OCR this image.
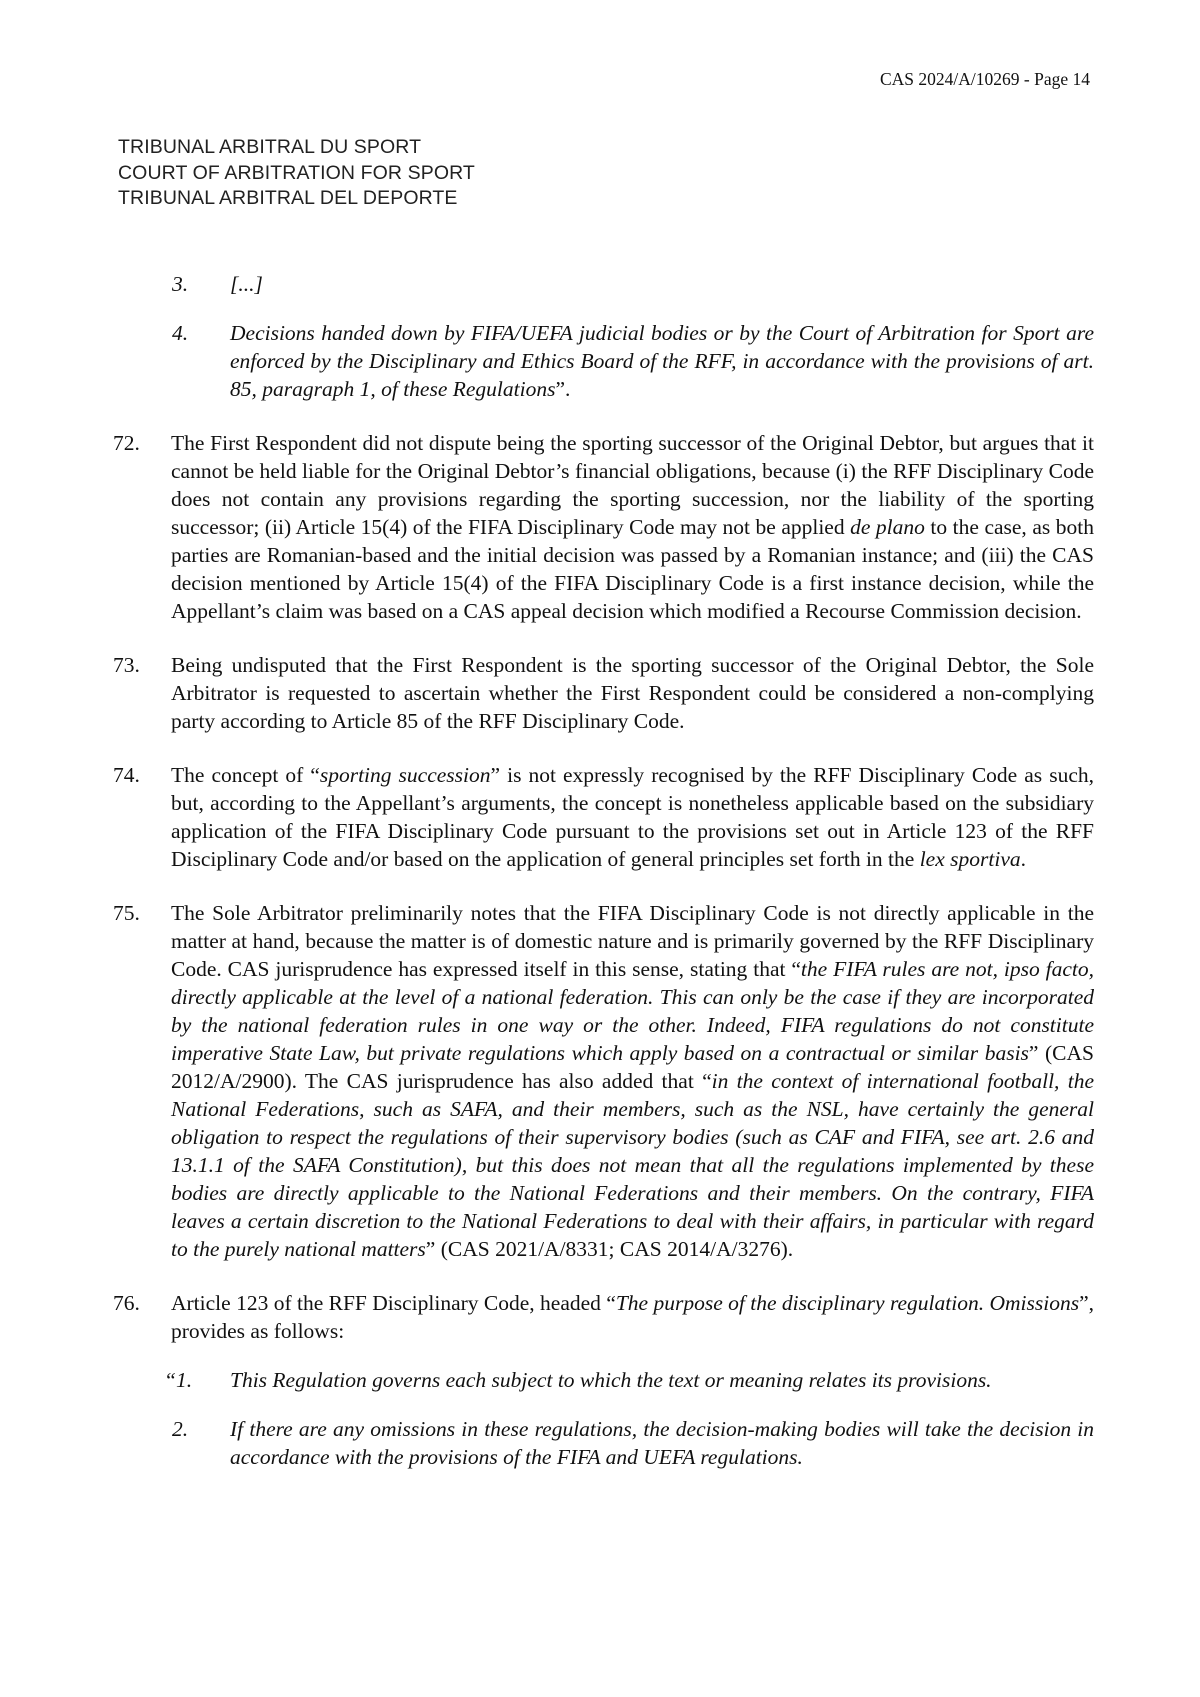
CAS 2024/A/10269 - Page 14
TRIBUNAL ARBITRAL DU SPORT
COURT OF ARBITRATION FOR SPORT
TRIBUNAL ARBITRAL DEL DEPORTE
3. [...]
4. Decisions handed down by FIFA/UEFA judicial bodies or by the Court of Arbitration for Sport are enforced by the Disciplinary and Ethics Board of the RFF, in accordance with the provisions of art. 85, paragraph 1, of these Regulations”.
72. The First Respondent did not dispute being the sporting successor of the Original Debtor, but argues that it cannot be held liable for the Original Debtor’s financial obligations, because (i) the RFF Disciplinary Code does not contain any provisions regarding the sporting succession, nor the liability of the sporting successor; (ii) Article 15(4) of the FIFA Disciplinary Code may not be applied de plano to the case, as both parties are Romanian-based and the initial decision was passed by a Romanian instance; and (iii) the CAS decision mentioned by Article 15(4) of the FIFA Disciplinary Code is a first instance decision, while the Appellant’s claim was based on a CAS appeal decision which modified a Recourse Commission decision.
73. Being undisputed that the First Respondent is the sporting successor of the Original Debtor, the Sole Arbitrator is requested to ascertain whether the First Respondent could be considered a non-complying party according to Article 85 of the RFF Disciplinary Code.
74. The concept of “sporting succession” is not expressly recognised by the RFF Disciplinary Code as such, but, according to the Appellant’s arguments, the concept is nonetheless applicable based on the subsidiary application of the FIFA Disciplinary Code pursuant to the provisions set out in Article 123 of the RFF Disciplinary Code and/or based on the application of general principles set forth in the lex sportiva.
75. The Sole Arbitrator preliminarily notes that the FIFA Disciplinary Code is not directly applicable in the matter at hand, because the matter is of domestic nature and is primarily governed by the RFF Disciplinary Code. CAS jurisprudence has expressed itself in this sense, stating that “the FIFA rules are not, ipso facto, directly applicable at the level of a national federation. This can only be the case if they are incorporated by the national federation rules in one way or the other. Indeed, FIFA regulations do not constitute imperative State Law, but private regulations which apply based on a contractual or similar basis” (CAS 2012/A/2900). The CAS jurisprudence has also added that “in the context of international football, the National Federations, such as SAFA, and their members, such as the NSL, have certainly the general obligation to respect the regulations of their supervisory bodies (such as CAF and FIFA, see art. 2.6 and 13.1.1 of the SAFA Constitution), but this does not mean that all the regulations implemented by these bodies are directly applicable to the National Federations and their members. On the contrary, FIFA leaves a certain discretion to the National Federations to deal with their affairs, in particular with regard to the purely national matters” (CAS 2021/A/8331; CAS 2014/A/3276).
76. Article 123 of the RFF Disciplinary Code, headed “The purpose of the disciplinary regulation. Omissions”, provides as follows:
“1. This Regulation governs each subject to which the text or meaning relates its provisions.
2. If there are any omissions in these regulations, the decision-making bodies will take the decision in accordance with the provisions of the FIFA and UEFA regulations.
